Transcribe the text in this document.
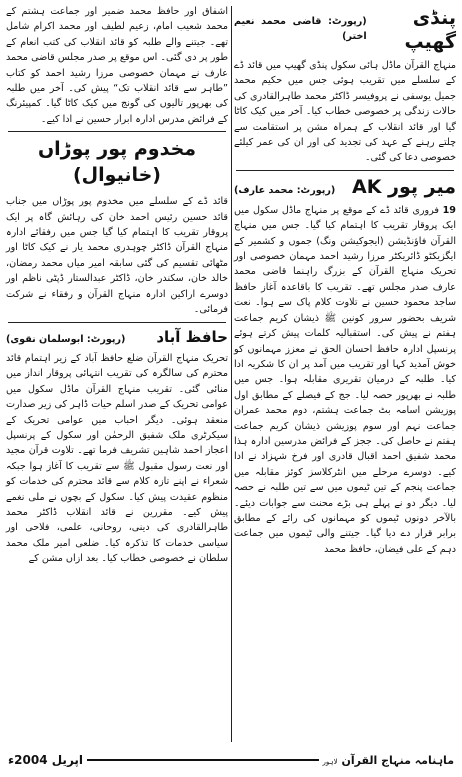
پنڈی گھیپ
(رپورٹ: قاضی محمد نعیم اختر)

منہاج القرآن ماڈل ہائی سکول پنڈی گھیپ میں قائد ڈے کے سلسلے میں تقریب ہوئی جس میں حکیم محمد جمیل یوسفی نے پروفیسر ڈاکٹر محمد طاہرالقادری کی حالات زندگی پر خصوصی خطاب کیا۔ آخر میں کیک کاٹا گیا اور قائد انقلاب کے ہمراہ مشن پر استقامت سے چلتے رہنے کے عہد کی تجدید کی اور ان کی عمر کیلئے خصوصی دعا کی گئی۔

میر پور AK
(رپورٹ: محمد عارف)

19 فروری قائد ڈے کے موقع پر منہاج ماڈل سکول میں ایک پروقار تقریب کا اہتمام کیا گیا۔ جس میں منہاج القرآن فاؤنڈیشن (ایجوکیشن ونگ) جموں و کشمیر کے ایگزیکٹو ڈائریکٹر مرزا رشید احمد مہمان خصوصی اور تحریک منہاج القرآن کے بزرگ راہنما قاضی محمد عارف صدر مجلس تھے۔ تقریب کا باقاعدہ آغاز حافظ ساجد محمود حسین نے تلاوت کلام پاک سے ہوا۔ نعت شریف بحضور سرور کونین ﷺ ذیشان کریم جماعت ہفتم نے پیش کی۔ استقبالیہ کلمات پیش کرتے ہوئے پرنسپل ادارہ حافظ احسان الحق نے معزز مہمانوں کو خوش آمدید کہا اور تقریب میں آمد پر ان کا شکریہ ادا کیا۔ طلبہ کے درمیان تقریری مقابلہ ہوا۔ جس میں طلبہ نے بھرپور حصہ لیا۔ جج کے فیصلے کے مطابق اول پوزیشن اسامہ بٹ جماعت ہشتم، دوم محمد عمران جماعت نہم اور سوم پوزیشن ذیشان کریم جماعت ہفتم نے حاصل کی۔ ججز کے فرائض مدرسین ادارہ ہذا محمد شفیق احمد اقبال قادری اور فرخ شہزاد نے ادا کیے۔ دوسرے مرحلے میں انٹرکلاسز کوئز مقابلہ میں جماعت پنجم کے تین ٹیموں میں سے تین طلبہ نے حصہ لیا۔ دیگر دو نے پہلے ہی بڑے محنت سے جوابات دیئے۔ بالآخر دونوں ٹیموں کو مہمانوں کی رائے کے مطابق برابر قرار دے دیا گیا۔ جیتنے والی ٹیموں میں جماعت دہم کے علی فیضان، حافظ محمد

اشفاق اور حافظ محمد ضمیر اور جماعت ہشتم کے محمد شعیب امام، زعیم لطیف اور محمد اکرام شامل تھے۔ جیتنے والے طلبہ کو قائد انقلاب کی کتب انعام کے طور پر دی گئی۔ اس موقع پر صدر مجلس قاضی محمد عارف نے مہمان خصوصی مرزا رشید احمد کو کتاب ”طاہر سے قائد انقلاب تک“ پیش کی۔ آخر میں طلبہ کی بھرپور تالیوں کی گونج میں کیک کاٹا گیا۔ کمپیئرنگ کے فرائض مدرس ادارہ ابرار حسین نے ادا کیے۔

مخدوم پور پوڑاں (خانیوال)

قائد ڈے کے سلسلے میں مخدوم پور پوڑاں میں جناب قائد حسین رئیس احمد خان کی رہائش گاہ پر ایک پروقار تقریب کا اہتمام کیا گیا جس میں رفقائے ادارہ منہاج القرآن ڈاکٹر چوہدری محمد یار نے کیک کاٹا اور مٹھائی تقسیم کی گئی سابقہ امیر میاں محمد رمضان، خالد خان، سکندر خان، ڈاکٹر عبدالستار ڈپٹی ناظم اور دوسرے اراکین ادارہ منہاج القرآن و رفقاء نے شرکت فرمائی۔

حافظ آباد
(رپورٹ: ابوسلمان نقوی)

تحریک منہاج القرآن ضلع حافظ آباد کے زیر اہتمام قائد محترم کی سالگرہ کی تقریب انتہائی پروقار انداز میں منائی گئی۔ تقریب منہاج القرآن ماڈل سکول میں عوامی تحریک کے صدر اسلم حیات ڈاہر کی زیر صدارت منعقد ہوئی۔ دیگر احباب میں عوامی تحریک کے سیکرٹری ملک شفیق الرحمٰن اور سکول کے پرنسپل اعجاز احمد شاہین تشریف فرما تھے۔ تلاوت قرآن مجید اور نعت رسول مقبول ﷺ سے تقریب کا آغاز ہوا جبکہ شعراء نے اپنے تازہ کلام سے قائد محترم کی خدمات کو منظوم عقیدت پیش کیا۔ سکول کے بچوں نے ملی نغمے پیش کیے۔ مقررین نے قائد انقلاب ڈاکٹر محمد طاہرالقادری کی دینی، روحانی، علمی، فلاحی اور سیاسی خدمات کا تذکرہ کیا۔ ضلعی امیر ملک محمد سلطان نے خصوصی خطاب کیا۔ بعد ازاں مشن کے

اپریل 2004ء	ماہنامہ منہاج القرآن لاہور
